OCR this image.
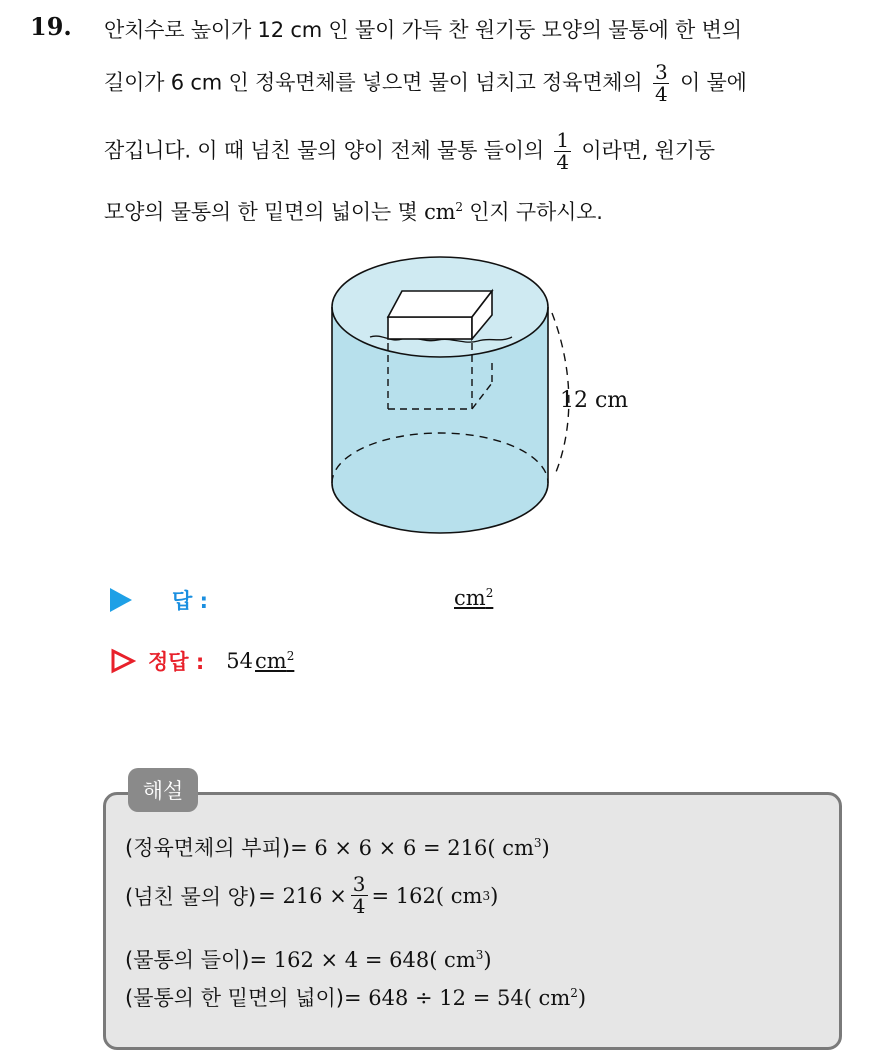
19. 안치수로 높이가 12 cm 인 물이 가득 찬 원기둥 모양의 물통에 한 변의
길이가 6 cm 인 정육면체를 넣으면 물이 넘치고 정육면체의 $\frac{3}{4}$ 이 물에
잠깁니다. 이 때 넘친 물의 양이 전체 물통 들이의 $\frac{1}{4}$ 이라면, 원기둥
모양의 물통의 한 밑면의 넓이는 몇 $cm^2$ 인지 구하시오.
12 cm
답 :	$cm^2$
정답 : 54 $cm^2$
해설
(정육면체의 부피)= 6 × 6 × 6 = 216( $cm^3$)
(넘친 물의 양) = $216 \times \frac{3}{4} = 162$( cm 3 )
(물통의 들이)= 162 × 4 = 648( $cm^3$)
(물통의 한 밑면의 넓이)= 648 ÷ 12 = 54( $cm^2$)
